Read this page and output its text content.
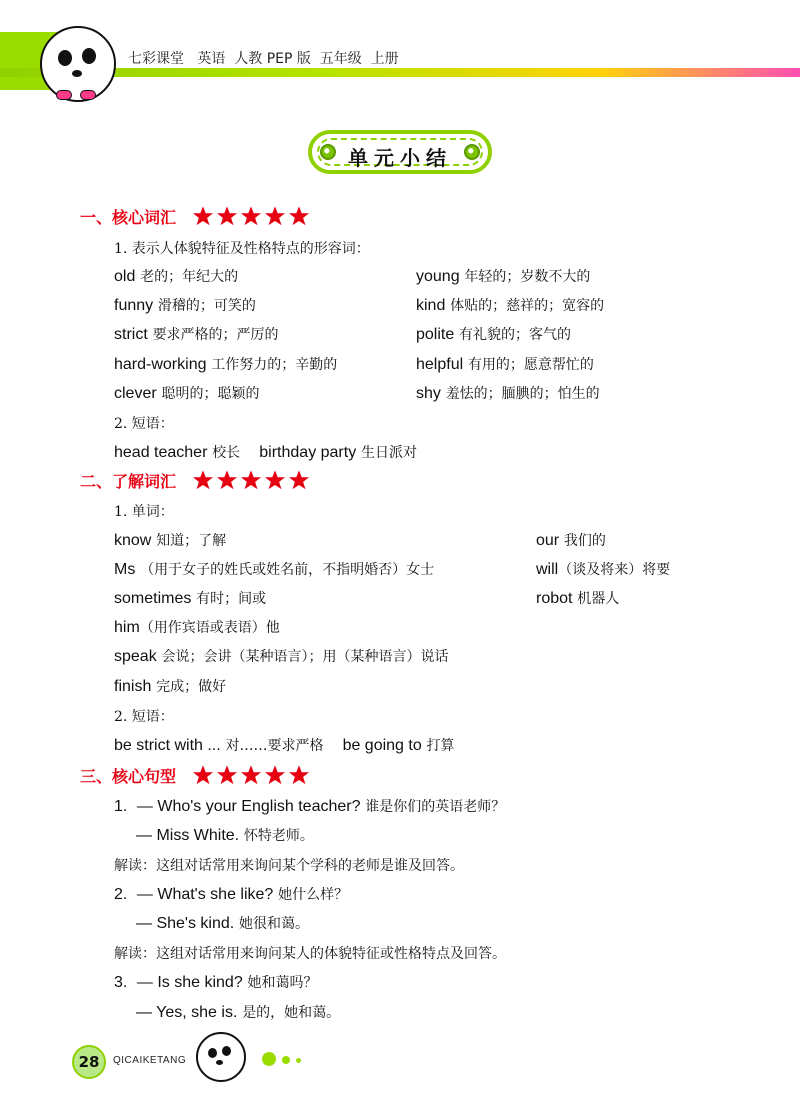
七彩课堂   英语  人教 PEP 版  五年级  上册
单元小结
一、核心词汇
1. 表示人体貌特征及性格特点的形容词：
old 老的；年纪大的	young 年轻的；岁数不大的
funny 滑稽的；可笑的	kind 体贴的；慈祥的；宽容的
strict 要求严格的；严厉的	polite 有礼貌的；客气的
hard-working 工作努力的；辛勤的	helpful 有用的；愿意帮忙的
clever 聪明的；聪颖的	shy 羞怯的；腼腆的；怕生的
2. 短语：
head teacher 校长 birthday party 生日派对
二、了解词汇
1. 单词：
know 知道；了解	our 我们的
Ms （用于女子的姓氏或姓名前，不指明婚否）女士	will（谈及将来）将要
sometimes 有时；间或	robot 机器人
him（用作宾语或表语）他
speak 会说；会讲（某种语言）；用（某种语言）说话
finish 完成；做好
2. 短语：
be strict with ... 对……要求严格 be going to 打算
三、核心句型
1. — Who's your English teacher? 谁是你们的英语老师？
— Miss White. 怀特老师。
解读：这组对话常用来询问某个学科的老师是谁及回答。
2. — What's she like? 她什么样？
— She's kind. 她很和蔼。
解读：这组对话常用来询问某人的体貌特征或性格特点及回答。
3. — Is she kind? 她和蔼吗？
— Yes, she is. 是的，她和蔼。
28	QICAIKETANG
